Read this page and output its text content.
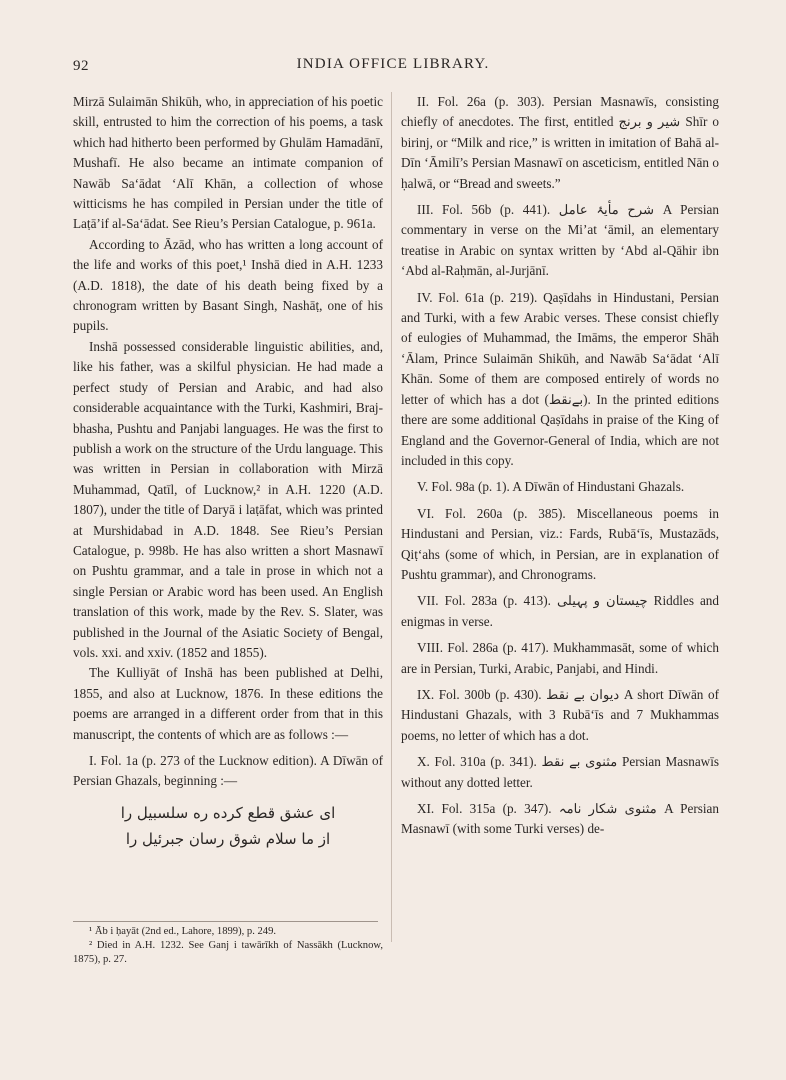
92	INDIA OFFICE LIBRARY.

Mirzā Sulaimān Shikūh, who, in appreciation of his poetic skill, entrusted to him the correction of his poems, a task which had hitherto been performed by Ghulām Hamadānī, Mushafī. He also became an intimate companion of Nawāb Sa‘ādat ‘Alī Khān, a collection of whose witticisms he has compiled in Persian under the title of Laṭā’if al-Sa‘ādat. See Rieu’s Persian Catalogue, p. 961a.

According to Āzād, who has written a long account of the life and works of this poet,¹ Inshā died in A.H. 1233 (A.D. 1818), the date of his death being fixed by a chronogram written by Basant Singh, Nashāṭ, one of his pupils.

Inshā possessed considerable linguistic abilities, and, like his father, was a skilful physician. He had made a perfect study of Persian and Arabic, and had also considerable acquaintance with the Turki, Kashmiri, Braj-bhasha, Pushtu and Panjabi languages. He was the first to publish a work on the structure of the Urdu language. This was written in Persian in collaboration with Mirzā Muhammad, Qatīl, of Lucknow,² in A.H. 1220 (A.D. 1807), under the title of Daryā i laṭāfat, which was printed at Murshidabad in A.D. 1848. See Rieu’s Persian Catalogue, p. 998b. He has also written a short Masnawī on Pushtu grammar, and a tale in prose in which not a single Persian or Arabic word has been used. An English translation of this work, made by the Rev. S. Slater, was published in the Journal of the Asiatic Society of Bengal, vols. xxi. and xxiv. (1852 and 1855).

The Kulliyāt of Inshā has been published at Delhi, 1855, and also at Lucknow, 1876. In these editions the poems are arranged in a different order from that in this manuscript, the contents of which are as follows :—

I. Fol. 1a (p. 273 of the Lucknow edition). A Dīwān of Persian Ghazals, beginning :—

ای عشق قطع کرده ره سلسبیل را
از ما سلام شوق رسان جبرئیل را

II. Fol. 26a (p. 303). Persian Masnawīs, consisting chiefly of anecdotes. The first, entitled شیر و برنج Shīr o birinj, or “Milk and rice,” is written in imitation of Bahā al-Dīn ‘Āmilī’s Persian Masnawī on asceticism, entitled Nān o ḥalwā, or “Bread and sweets.”

III. Fol. 56b (p. 441). شرح مأیۂ عامل A Persian commentary in verse on the Mi’at ‘āmil, an elementary treatise in Arabic on syntax written by ‘Abd al-Qāhir ibn ‘Abd al-Raḥmān, al-Jurjānī.

IV. Fol. 61a (p. 219). Qaṣīdahs in Hindustani, Persian and Turki, with a few Arabic verses. These consist chiefly of eulogies of Muhammad, the Imāms, the emperor Shāh ‘Ālam, Prince Sulaimān Shikūh, and Nawāb Sa‘ādat ‘Alī Khān. Some of them are composed entirely of words no letter of which has a dot (بےنقط). In the printed editions there are some additional Qaṣīdahs in praise of the King of England and the Governor-General of India, which are not included in this copy.

V. Fol. 98a (p. 1). A Dīwān of Hindustani Ghazals.

VI. Fol. 260a (p. 385). Miscellaneous poems in Hindustani and Persian, viz.: Fards, Rubā‘īs, Mustazāds, Qiṭ‘ahs (some of which, in Persian, are in explanation of Pushtu grammar), and Chronograms.

VII. Fol. 283a (p. 413). چیستان و پہیلی Riddles and enigmas in verse.

VIII. Fol. 286a (p. 417). Mukhammasāt, some of which are in Persian, Turki, Arabic, Panjabi, and Hindi.

IX. Fol. 300b (p. 430). دیوان بے نقط A short Dīwān of Hindustani Ghazals, with 3 Rubā‘īs and 7 Mukhammas poems, no letter of which has a dot.

X. Fol. 310a (p. 341). مثنوی بے نقط Persian Masnawīs without any dotted letter.

XI. Fol. 315a (p. 347). مثنوی شکار نامہ A Persian Masnawī (with some Turki verses) de-

¹ Āb i ḥayāt (2nd ed., Lahore, 1899), p. 249.
² Died in A.H. 1232. See Ganj i tawārīkh of Nassākh (Lucknow, 1875), p. 27.
